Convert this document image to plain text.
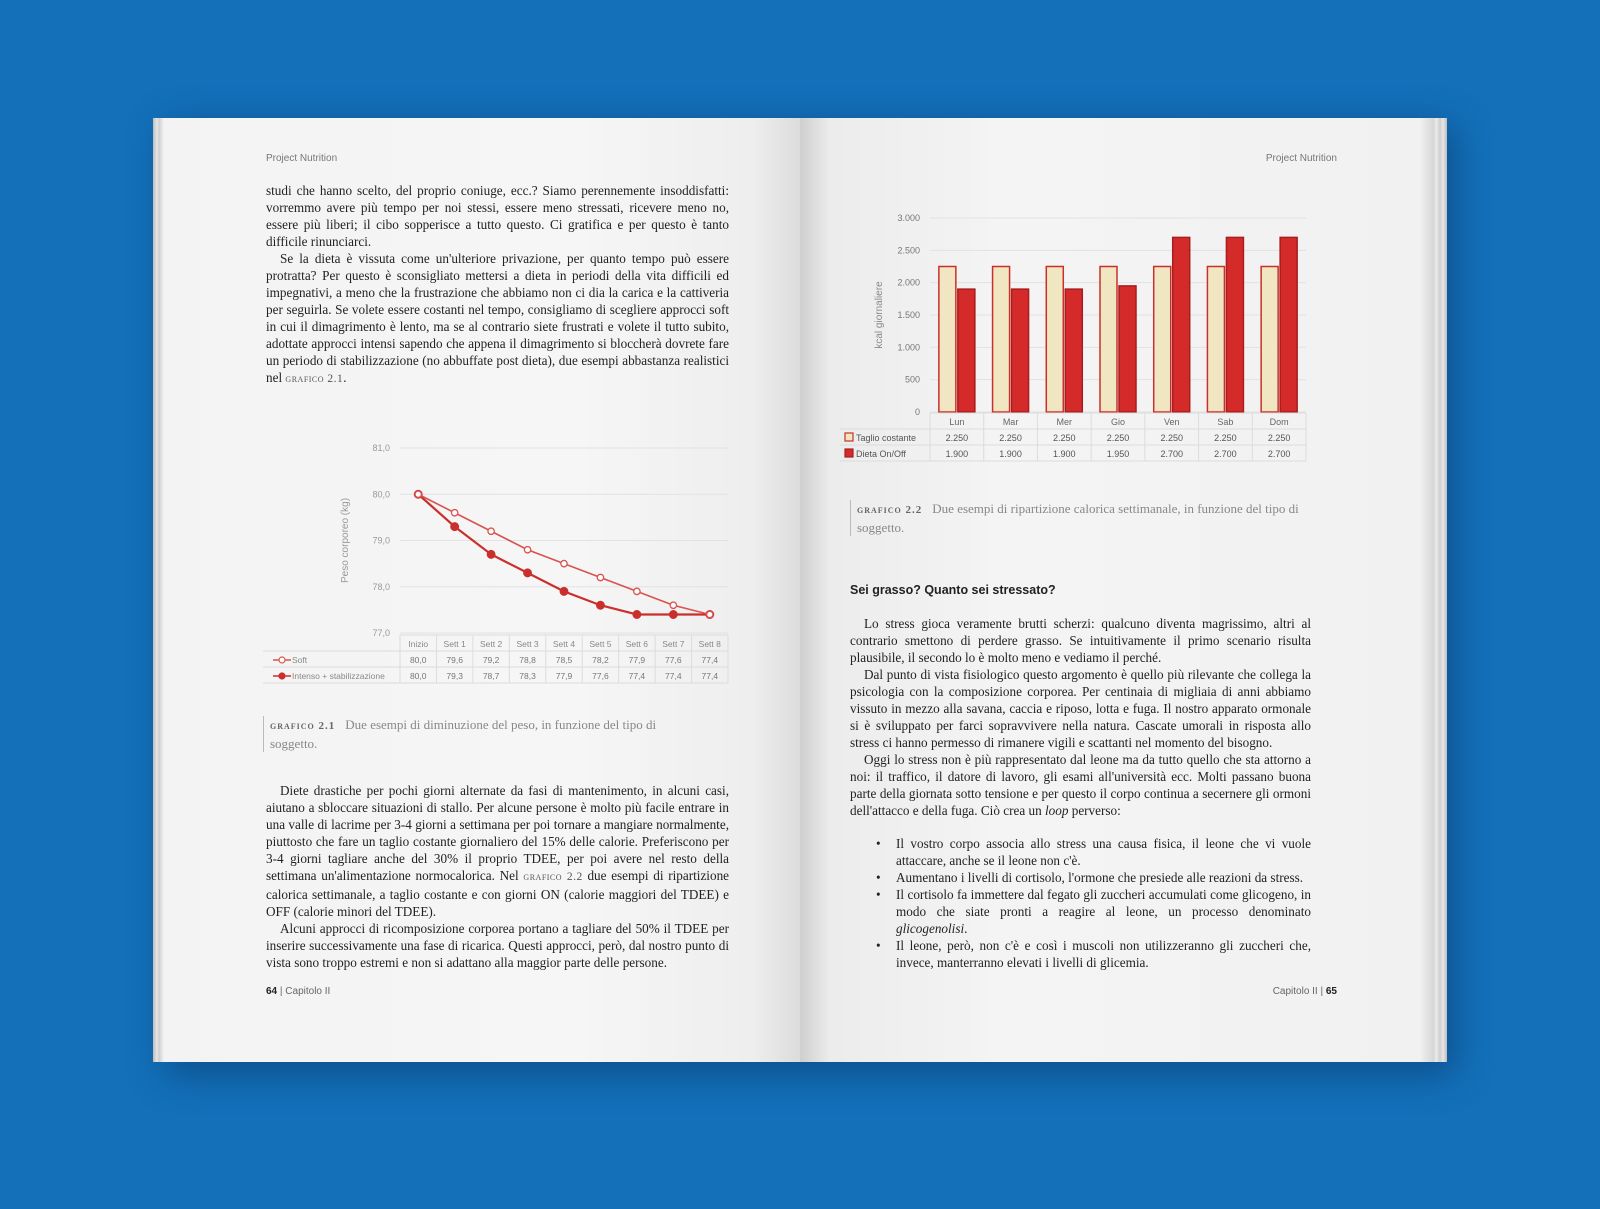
Project Nutrition

studi che hanno scelto, del proprio coniuge, ecc.? Siamo perennemente insoddisfatti: vorremmo avere più tempo per noi stessi, essere meno stressati, ricevere meno no, essere più liberi; il cibo sopperisce a tutto questo. Ci gratifica e per questo è tanto difficile rinunciarci.

Se la dieta è vissuta come un'ulteriore privazione, per quanto tempo può essere protratta? Per questo è sconsigliato mettersi a dieta in periodi della vita difficili ed impegnativi, a meno che la frustrazione che abbiamo non ci dia la carica e la cattiveria per seguirla. Se volete essere costanti nel tempo, consigliamo di scegliere approcci soft in cui il dimagrimento è lento, ma se al contrario siete frustrati e volete il tutto subito, adottate approcci intensi sapendo che appena il dimagrimento si bloccherà dovrete fare un periodo di stabilizzazione (no abbuffate post dieta), due esempi abbastanza realistici nel grafico 2.1.

77,0
78,0
79,0
80,0
81,0
Peso corporeo (kg)
Inizio Sett 1 Sett 2 Sett 3 Sett 4 Sett 5 Sett 6 Sett 7 Sett 8
Soft	80,0 79,6 79,2 78,8 78,5 78,2 77,9 77,6 77,4
Intenso + stabilizzazione	80,0 79,3 78,7 78,3 77,9 77,6 77,4 77,4 77,4
grafico 2.1 Due esempi di diminuzione del peso, in funzione del tipo di soggetto.

Diete drastiche per pochi giorni alternate da fasi di mantenimento, in alcuni casi, aiutano a sbloccare situazioni di stallo. Per alcune persone è molto più facile entrare in una valle di lacrime per 3-4 giorni a settimana per poi tornare a mangiare normalmente, piuttosto che fare un taglio costante giornaliero del 15% delle calorie. Preferiscono per 3-4 giorni tagliare anche del 30% il proprio TDEE, per poi avere nel resto della settimana un'alimentazione normocalorica. Nel grafico 2.2 due esempi di ripartizione calorica settimanale, a taglio costante e con giorni ON (calorie maggiori del TDEE) e OFF (calorie minori del TDEE).

Alcuni approcci di ricomposizione corporea portano a tagliare del 50% il TDEE per inserire successivamente una fase di ricarica. Questi approcci, però, dal nostro punto di vista sono troppo estremi e non si adattano alla maggior parte delle persone.

64 | Capitolo II
Project Nutrition
0
500
1.000
1.500
2.000
2.500
3.000
kcal giornaliere
Lun	Mar	Mer	Gio	Ven	Sab	Dom
Taglio costante	2.250	2.250	2.250	2.250	2.250	2.250	2.250
Dieta On/Off	1.900	1.900	1.900	1.950	2.700	2.700	2.700
grafico 2.2 Due esempi di ripartizione calorica settimanale, in funzione del tipo di soggetto.
Sei grasso? Quanto sei stressato?

Lo stress gioca veramente brutti scherzi: qualcuno diventa magrissimo, altri al contrario smettono di perdere grasso. Se intuitivamente il primo scenario risulta plausibile, il secondo lo è molto meno e vediamo il perché.

Dal punto di vista fisiologico questo argomento è quello più rilevante che collega la psicologia con la composizione corporea. Per centinaia di migliaia di anni abbiamo vissuto in mezzo alla savana, caccia e riposo, lotta e fuga. Il nostro apparato ormonale si è sviluppato per farci sopravvivere nella natura. Cascate umorali in risposta allo stress ci hanno permesso di rimanere vigili e scattanti nel momento del bisogno.

Oggi lo stress non è più rappresentato dal leone ma da tutto quello che sta attorno a noi: il traffico, il datore di lavoro, gli esami all'università ecc. Molti passano buona parte della giornata sotto tensione e per questo il corpo continua a secernere gli ormoni dell'attacco e della fuga. Ciò crea un loop perverso:

• Il vostro corpo associa allo stress una causa fisica, il leone che vi vuole attaccare, anche se il leone non c'è.
• Aumentano i livelli di cortisolo, l'ormone che presiede alle reazioni da stress.
• Il cortisolo fa immettere dal fegato gli zuccheri accumulati come glicogeno, in modo che siate pronti a reagire al leone, un processo denominato glicogenolisi.
• Il leone, però, non c'è e così i muscoli non utilizzeranno gli zuccheri che, invece, manterranno elevati i livelli di glicemia.
Capitolo II | 65
